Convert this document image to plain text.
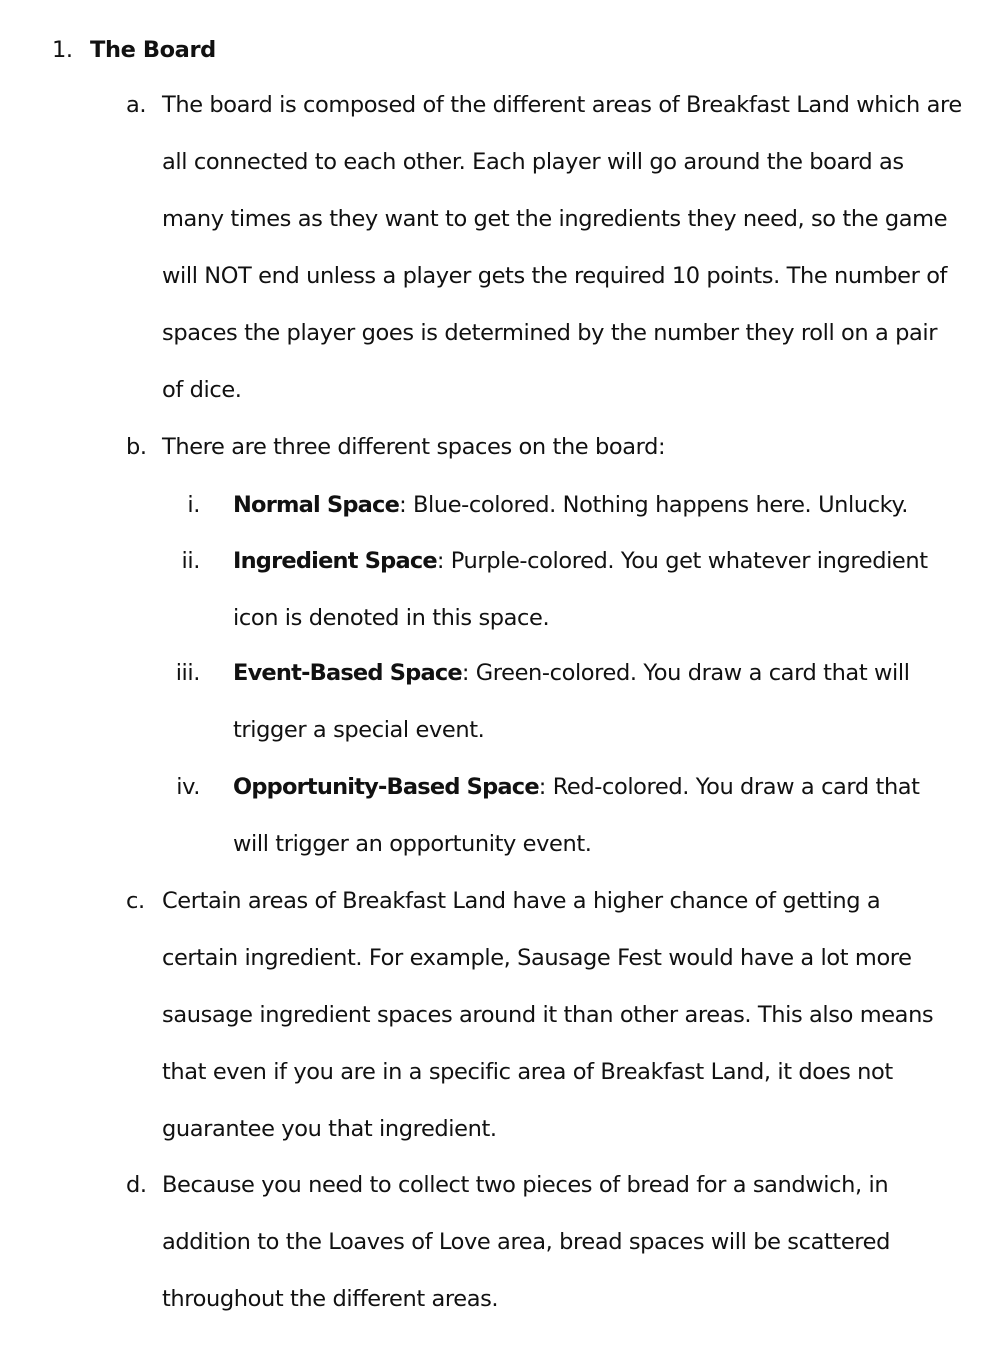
1. The Board
a. The board is composed of the different areas of Breakfast Land which are all connected to each other. Each player will go around the board as many times as they want to get the ingredients they need, so the game will NOT end unless a player gets the required 10 points. The number of spaces the player goes is determined by the number they roll on a pair of dice.
b. There are three different spaces on the board:
i. Normal Space: Blue-colored. Nothing happens here. Unlucky.
ii. Ingredient Space: Purple-colored. You get whatever ingredient icon is denoted in this space.
iii. Event-Based Space: Green-colored. You draw a card that will trigger a special event.
iv. Opportunity-Based Space: Red-colored. You draw a card that will trigger an opportunity event.
c. Certain areas of Breakfast Land have a higher chance of getting a certain ingredient. For example, Sausage Fest would have a lot more sausage ingredient spaces around it than other areas. This also means that even if you are in a specific area of Breakfast Land, it does not guarantee you that ingredient.
d. Because you need to collect two pieces of bread for a sandwich, in addition to the Loaves of Love area, bread spaces will be scattered throughout the different areas.
